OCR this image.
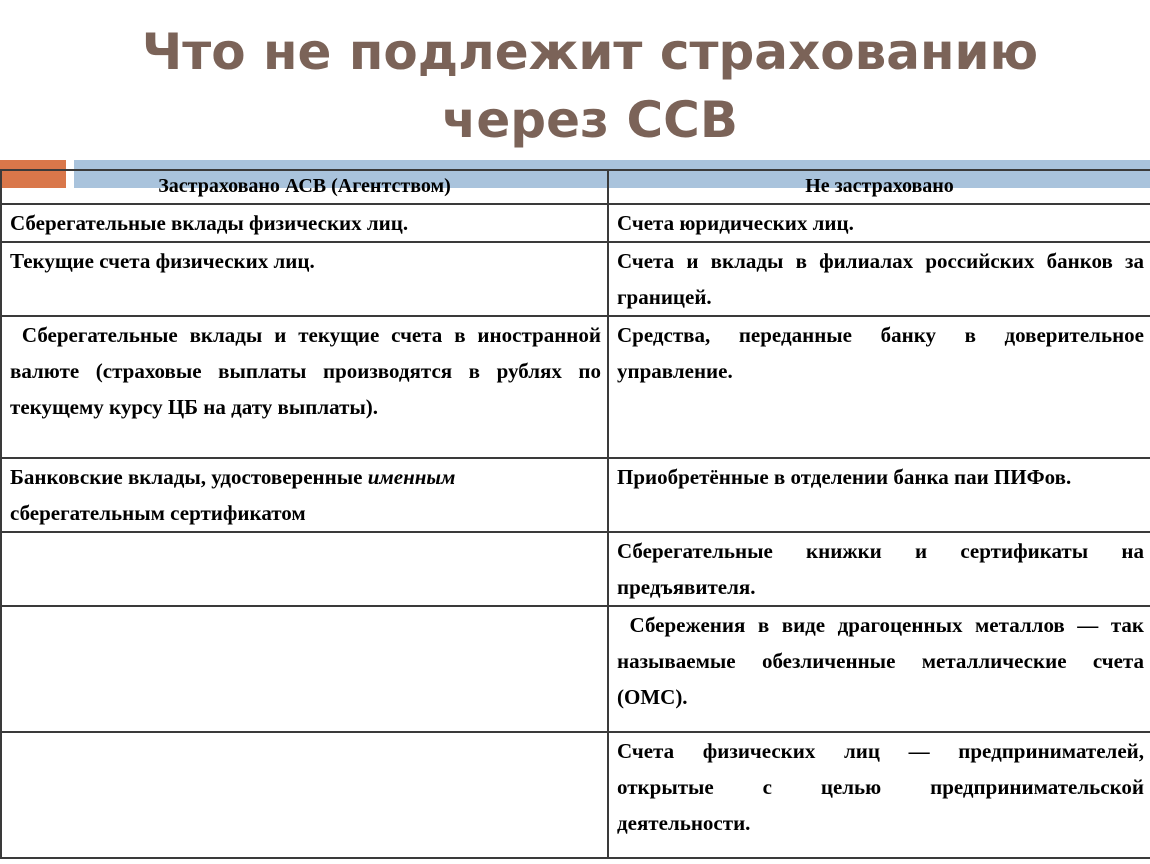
Что не подлежит страхованию
через ССВ
Застраховано АСВ (Агентством)	Не застраховано
Сберегательные вклады физических лиц.	Счета юридических лиц.
Текущие счета физических лиц.	Счета и вклады в филиалах российских банков за границей.
Сберегательные вклады и текущие счета в иностранной валюте (страховые выплаты производятся в рублях по текущему курсу ЦБ на дату выплаты).	Средства, переданные банку в доверительное управление.
Банковские вклады, удостоверенные именным сберегательным сертификатом	Приобретённые в отделении банка паи ПИФов.
	Сберегательные книжки и сертификаты на предъявителя.
	Сбережения в виде драгоценных металлов — так называемые обезличенные металлические счета (ОМС).
	Счета физических лиц — предпринимателей, открытые с целью предпринимательской деятельности.
